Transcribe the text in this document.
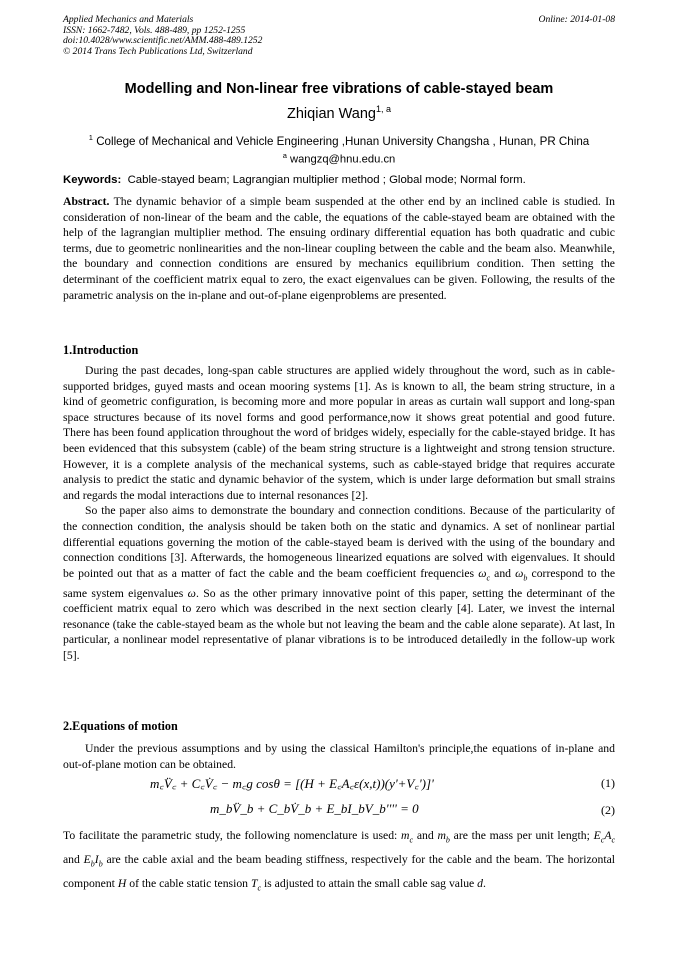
Applied Mechanics and Materials
ISSN: 1662-7482, Vols. 488-489, pp 1252-1255
doi:10.4028/www.scientific.net/AMM.488-489.1252
© 2014 Trans Tech Publications Ltd, Switzerland
Online: 2014-01-08
Modelling and Non-linear free vibrations of cable-stayed beam
Zhiqian Wang$^{1, a}$
$^1$ College of Mechanical and Vehicle Engineering ,Hunan University Changsha , Hunan, PR China
$^a$ wangzq@hnu.edu.cn
Keywords: Cable-stayed beam; Lagrangian multiplier method ; Global mode; Normal form.
Abstract. The dynamic behavior of a simple beam suspended at the other end by an inclined cable is studied. In consideration of non-linear of the beam and the cable, the equations of the cable-stayed beam are obtained with the help of the lagrangian multiplier method. The ensuing ordinary differential equation has both quadratic and cubic terms, due to geometric nonlinearities and the non-linear coupling between the cable and the beam also. Meanwhile, the boundary and connection conditions are ensured by mechanics equilibrium condition. Then setting the determinant of the coefficient matrix equal to zero, the exact eigenvalues can be given. Following, the results of the parametric analysis on the in-plane and out-of-plane eigenproblems are presented.
1.Introduction
During the past decades, long-span cable structures are applied widely throughout the word, such as in cable-supported bridges, guyed masts and ocean mooring systems [1]. As is known to all, the beam string structure, in a kind of geometric configuration, is becoming more and more popular in areas as curtain wall support and long-span space structures because of its novel forms and good performance,now it shows great potential and good future. There has been found application throughout the word of bridges widely, especially for the cable-stayed bridge. It has been evidenced that this subsystem (cable) of the beam string structure is a lightweight and strong tension structure. However, it is a complete analysis of the mechanical systems, such as cable-stayed bridge that requires accurate analysis to predict the static and dynamic behavior of the system, which is under large deformation but small strains and regards the modal interactions due to internal resonances [2].
So the paper also aims to demonstrate the boundary and connection conditions. Because of the particularity of the connection condition, the analysis should be taken both on the static and dynamics. A set of nonlinear partial differential equations governing the motion of the cable-stayed beam is derived with the using of the boundary and connection conditions [3]. Afterwards, the homogeneous linearized equations are solved with eigenvalues. It should be pointed out that as a matter of fact the cable and the beam coefficient frequencies $\omega_c$ and $\omega_b$ correspond to the same system eigenvalues ω. So as the other primary innovative point of this paper, setting the determinant of the coefficient matrix equal to zero which was described in the next section clearly [4]. Later, we invest the internal resonance (take the cable-stayed beam as the whole but not leaving the beam and the cable alone separate). At last, In particular, a nonlinear model representative of planar vibrations is to be introduced detailedly in the follow-up work [5].
2.Equations of motion
Under the previous assumptions and by using the classical Hamilton's principle,the equations of in-plane and out-of-plane motion can be obtained.
m꜀V̈꜀ + C꜀V̇꜀ − m꜀g cosθ = [(H + E꜀A꜀ε(x,t))(y'+V꜀')]'	(1)
m_bV̈_b + C_bV̇_b + E_bI_bV_b'''' = 0	(2)
To facilitate the parametric study, the following nomenclature is used: $m_c$ and $m_b$ are the mass per unit length; $E_cA_c$ and $E_bI_b$ are the cable axial and the beam beading stiffness, respectively for the cable and the beam. The horizontal component H of the cable static tension $T_c$ is adjusted to attain the small cable sag value d.
